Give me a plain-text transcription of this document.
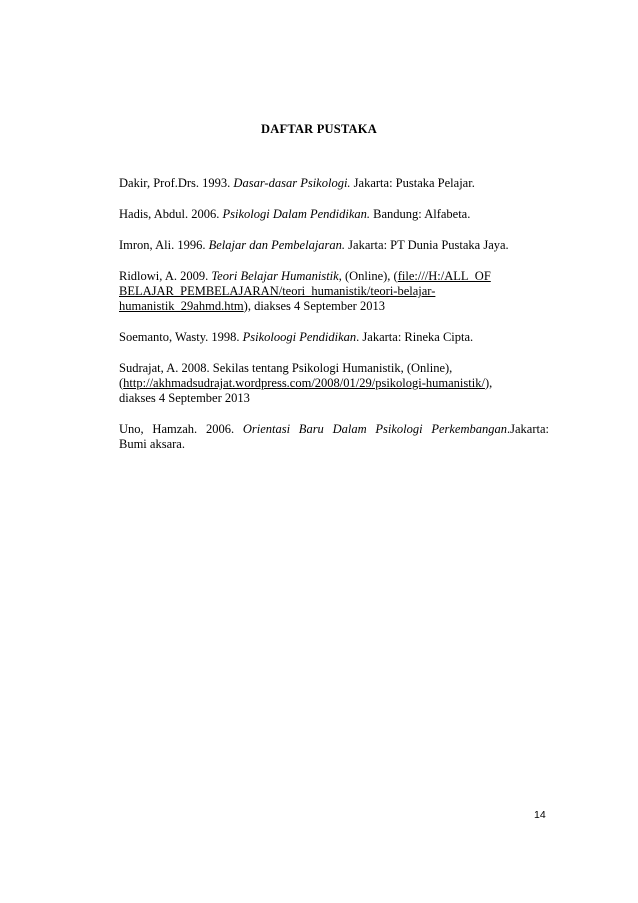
DAFTAR PUSTAKA
Dakir, Prof.Drs. 1993. Dasar-dasar Psikologi. Jakarta: Pustaka Pelajar.
Hadis, Abdul. 2006. Psikologi Dalam Pendidikan. Bandung: Alfabeta.
Imron, Ali. 1996. Belajar dan Pembelajaran. Jakarta: PT Dunia Pustaka Jaya.
Ridlowi, A. 2009. Teori Belajar Humanistik, (Online), (file:///H:/ALL_OF
BELAJAR_PEMBELAJARAN/teori_humanistik/teori-belajar-
humanistik_29ahmd.htm), diakses 4 September 2013
Soemanto, Wasty. 1998. Psikoloogi Pendidikan. Jakarta: Rineka Cipta.
Sudrajat, A. 2008. Sekilas tentang Psikologi Humanistik, (Online),
(http://akhmadsudrajat.wordpress.com/2008/01/29/psikologi-humanistik/),
diakses 4 September 2013
Uno, Hamzah. 2006. Orientasi Baru Dalam Psikologi Perkembangan.Jakarta:
Bumi aksara.
14
